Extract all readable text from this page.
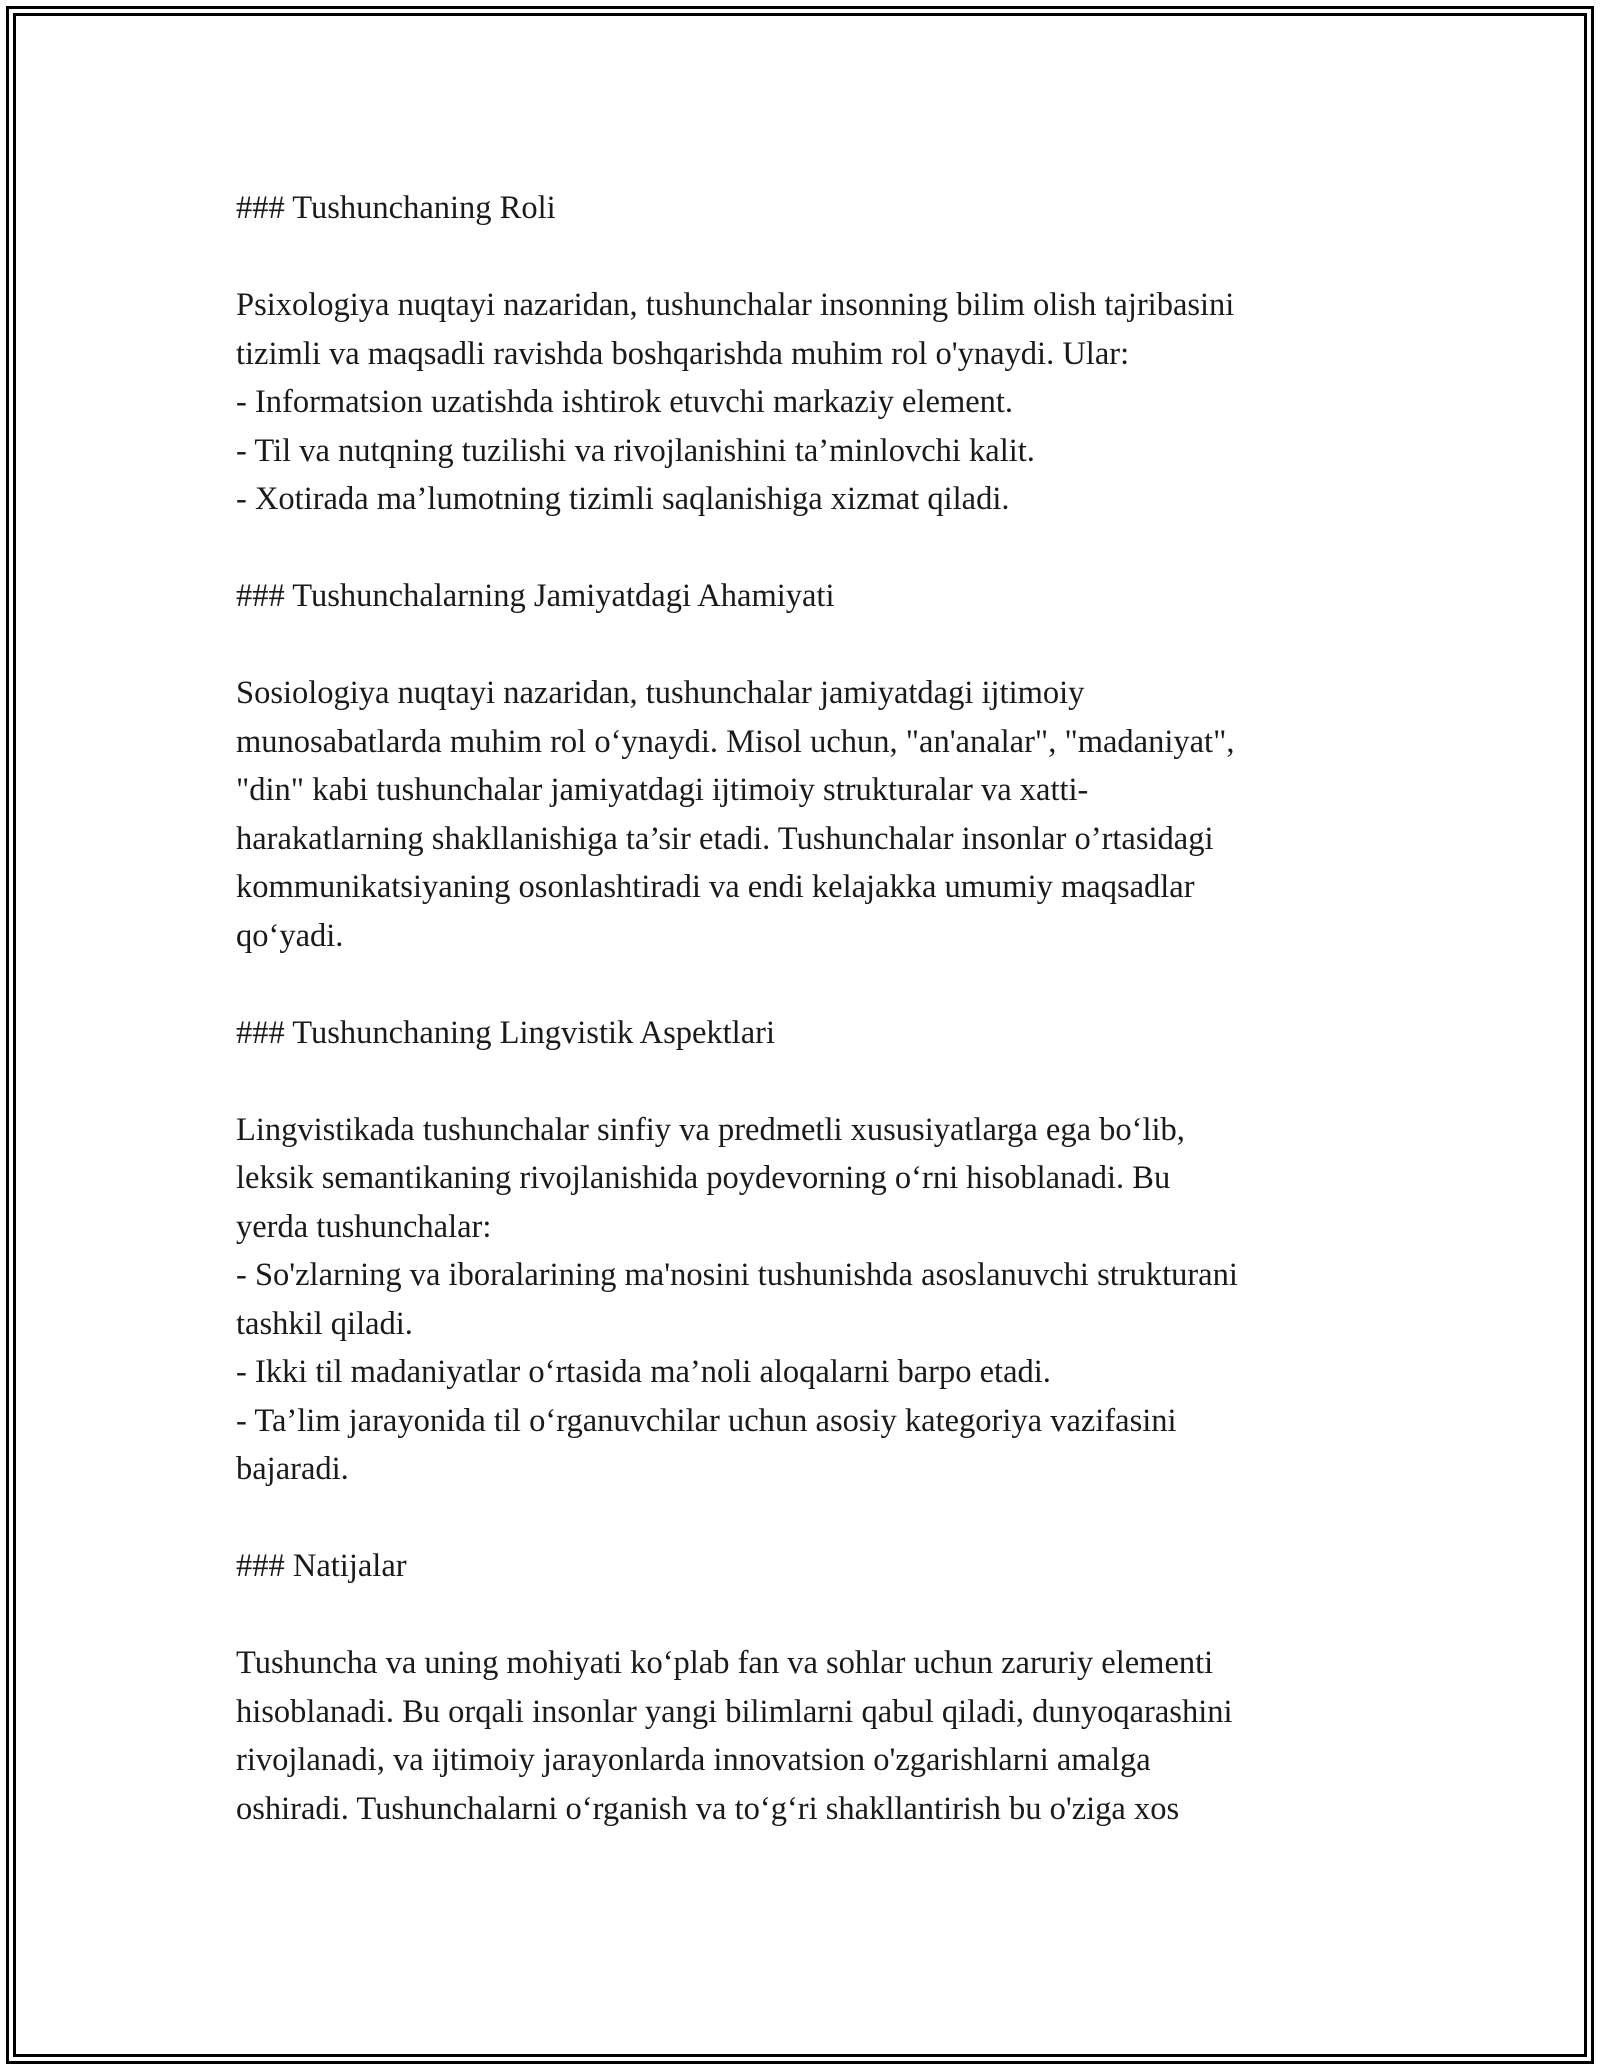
### Tushunchaning Roli
Psixologiya nuqtayi nazaridan, tushunchalar insonning bilim olish tajribasini
tizimli va maqsadli ravishda boshqarishda muhim rol o'ynaydi. Ular:
- Informatsion uzatishda ishtirok etuvchi markaziy element.
- Til va nutqning tuzilishi va rivojlanishini ta’minlovchi kalit.
- Xotirada ma’lumotning tizimli saqlanishiga xizmat qiladi.
### Tushunchalarning Jamiyatdagi Ahamiyati
Sosiologiya nuqtayi nazaridan, tushunchalar jamiyatdagi ijtimoiy
munosabatlarda muhim rol o‘ynaydi. Misol uchun, "an'analar", "madaniyat",
"din" kabi tushunchalar jamiyatdagi ijtimoiy strukturalar va xatti-
harakatlarning shakllanishiga ta’sir etadi. Tushunchalar insonlar o’rtasidagi
kommunikatsiyaning osonlashtiradi va endi kelajakka umumiy maqsadlar
qo‘yadi.
### Tushunchaning Lingvistik Aspektlari
Lingvistikada tushunchalar sinfiy va predmetli xususiyatlarga ega bo‘lib,
leksik semantikaning rivojlanishida poydevorning o‘rni hisoblanadi. Bu
yerda tushunchalar:
- So'zlarning va iboralarining ma'nosini tushunishda asoslanuvchi strukturani
tashkil qiladi.
- Ikki til madaniyatlar o‘rtasida ma’noli aloqalarni barpo etadi.
- Ta’lim jarayonida til o‘rganuvchilar uchun asosiy kategoriya vazifasini
bajaradi.
### Natijalar
Tushuncha va uning mohiyati ko‘plab fan va sohlar uchun zaruriy elementi
hisoblanadi. Bu orqali insonlar yangi bilimlarni qabul qiladi, dunyoqarashini
rivojlanadi, va ijtimoiy jarayonlarda innovatsion o'zgarishlarni amalga
oshiradi. Tushunchalarni o‘rganish va to‘g‘ri shakllantirish bu o'ziga xos
